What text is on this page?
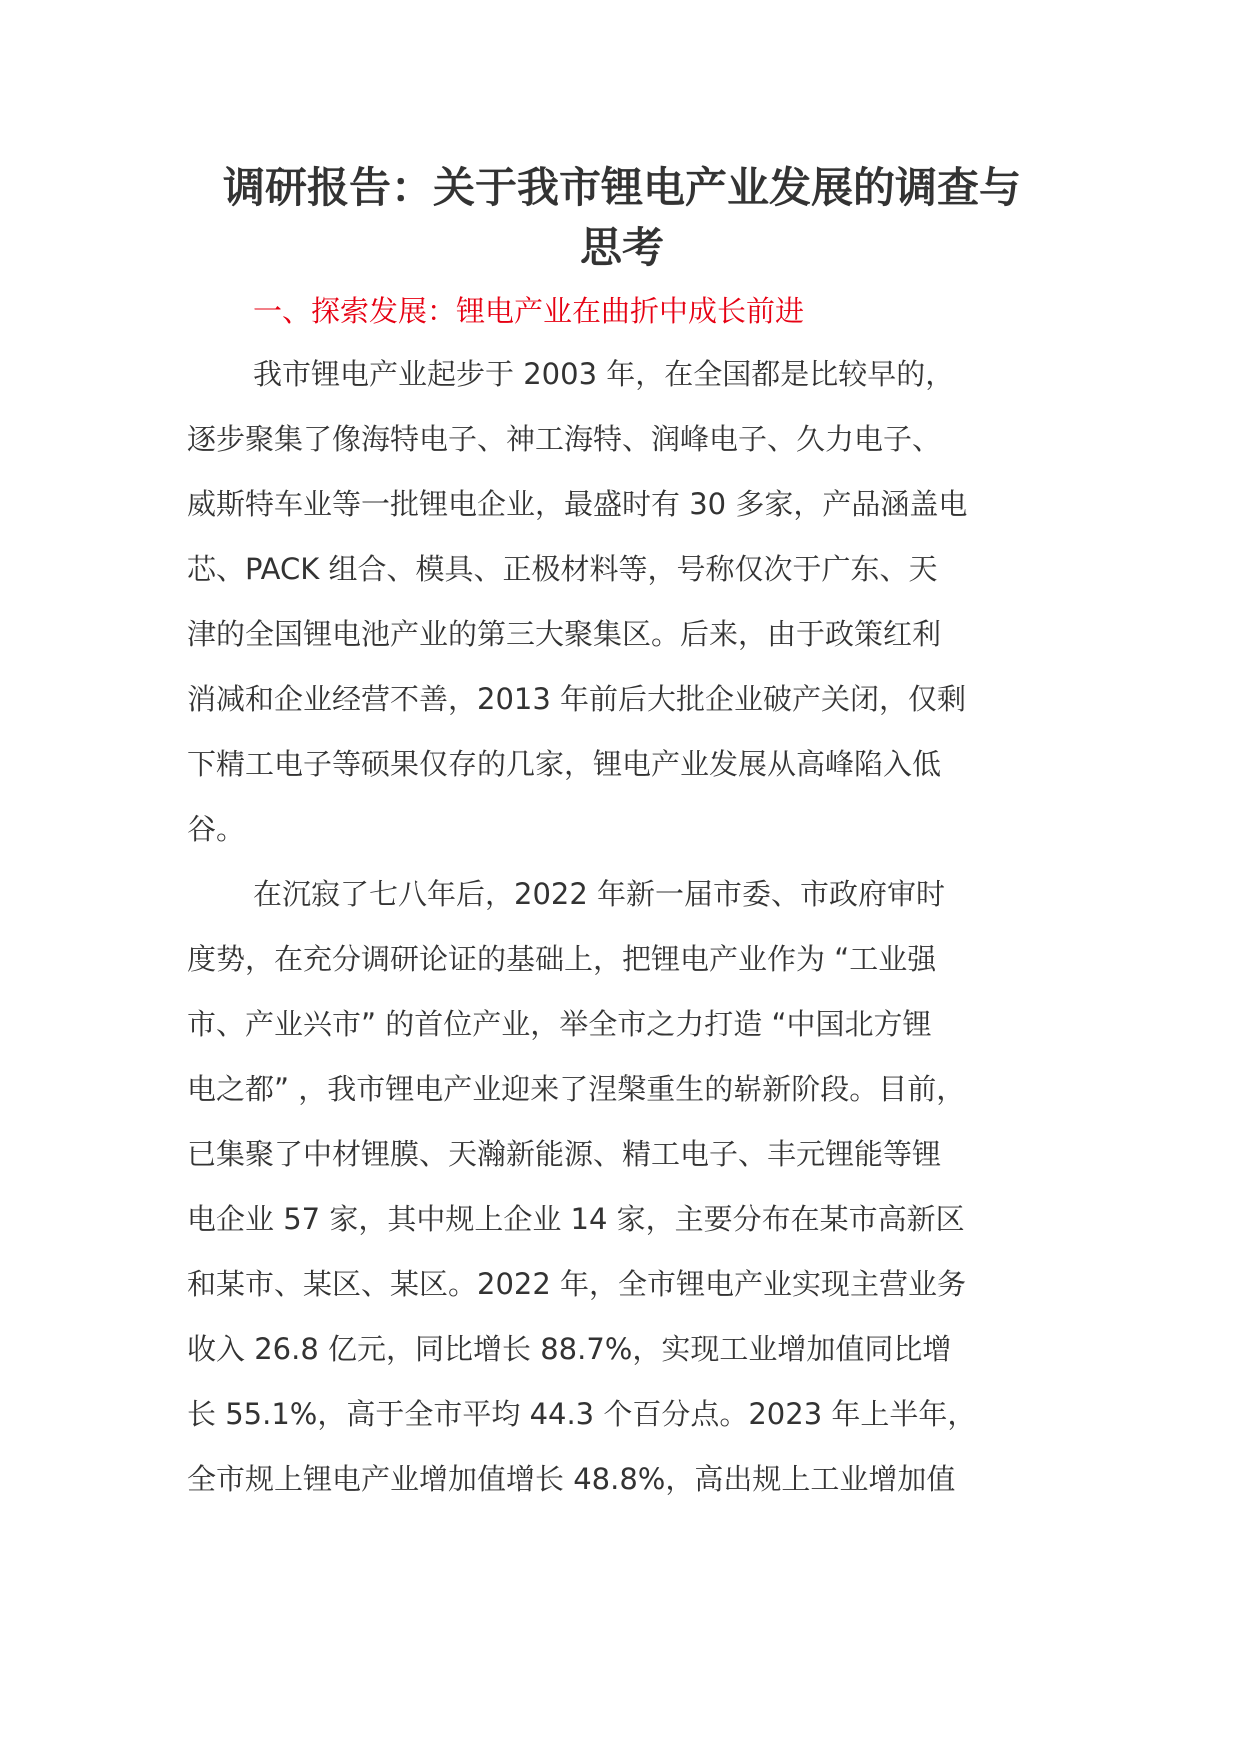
调研报告：关于我市锂电产业发展的调查与
思考

一、探索发展：锂电产业在曲折中成长前进

我市锂电产业起步于 2003 年，在全国都是比较早的，
逐步聚集了像海特电子、神工海特、润峰电子、久力电子、
威斯特车业等一批锂电企业，最盛时有 30 多家，产品涵盖电
芯、PACK 组合、模具、正极材料等，号称仅次于广东、天
津的全国锂电池产业的第三大聚集区。后来，由于政策红利
消减和企业经营不善，2013 年前后大批企业破产关闭，仅剩
下精工电子等硕果仅存的几家，锂电产业发展从高峰陷入低
谷。

在沉寂了七八年后，2022 年新一届市委、市政府审时
度势，在充分调研论证的基础上，把锂电产业作为 “工业强
市、产业兴市” 的首位产业，举全市之力打造 “中国北方锂
电之都” ，我市锂电产业迎来了涅槃重生的崭新阶段。目前，
已集聚了中材锂膜、天瀚新能源、精工电子、丰元锂能等锂
电企业 57 家，其中规上企业 14 家，主要分布在某市高新区
和某市、某区、某区。2022 年，全市锂电产业实现主营业务
收入 26.8 亿元，同比增长 88.7%，实现工业增加值同比增
长 55.1%，高于全市平均 44.3 个百分点。2023 年上半年，
全市规上锂电产业增加值增长 48.8%，高出规上工业增加值
